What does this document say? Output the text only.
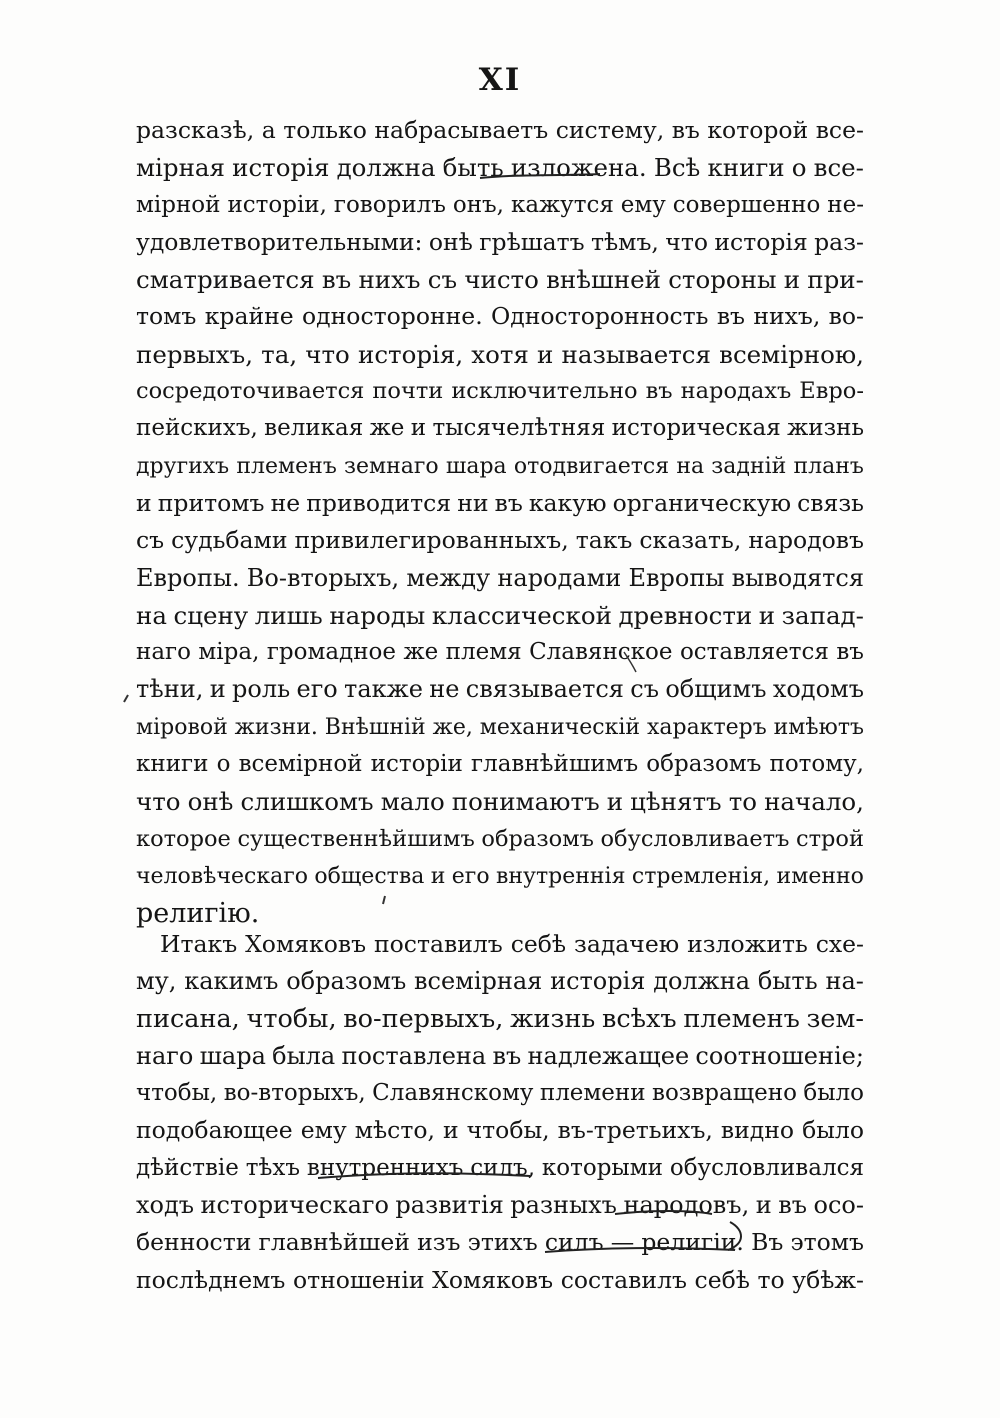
XI
разсказѣ, а только набрасываетъ систему, въ которой все-
мірная исторія должна быть изложена. Всѣ книги о все-
мірной исторіи, говорилъ онъ, кажутся ему совершенно не-
удовлетворительными: онѣ грѣшатъ тѣмъ, что исторія раз-
сматривается въ нихъ съ чисто внѣшней стороны и при-
томъ крайне односторонне. Односторонность въ нихъ, во-
первыхъ, та, что исторія, хотя и называется всемірною,
сосредоточивается почти исключительно въ народахъ Евро-
пейскихъ, великая же и тысячелѣтняя историческая жизнь
другихъ племенъ земнаго шара отодвигается на задній планъ
и притомъ не приводится ни въ какую органическую связь
съ судьбами привилегированныхъ, такъ сказать, народовъ
Европы. Во-вторыхъ, между народами Европы выводятся
на сцену лишь народы классической древности и запад-
наго міра, громадное же племя Славянское оставляется въ
тѣни, и роль его также не связывается съ общимъ ходомъ
міровой жизни. Внѣшній же, механическій характеръ имѣютъ
книги о всемірной исторіи главнѣйшимъ образомъ потому,
что онѣ слишкомъ мало понимаютъ и цѣнятъ то начало,
которое существеннѣйшимъ образомъ обусловливаетъ строй
человѣческаго общества и его внутреннія стремленія, именно
религію.
Итакъ Хомяковъ поставилъ себѣ задачею изложить схе-
му, какимъ образомъ всемірная исторія должна быть на-
писана, чтобы, во-первыхъ, жизнь всѣхъ племенъ зем-
наго шара была поставлена въ надлежащее соотношеніе;
чтобы, во-вторыхъ, Славянскому племени возвращено было
подобающее ему мѣсто, и чтобы, въ-третьихъ, видно было
дѣйствіе тѣхъ внутреннихъ силъ, которыми обусловливался
ходъ историческаго развитія разныхъ народовъ, и въ осо-
бенности главнѣйшей изъ этихъ силъ — религіи. Въ этомъ
послѣднемъ отношеніи Хомяковъ составилъ себѣ то убѣж-
